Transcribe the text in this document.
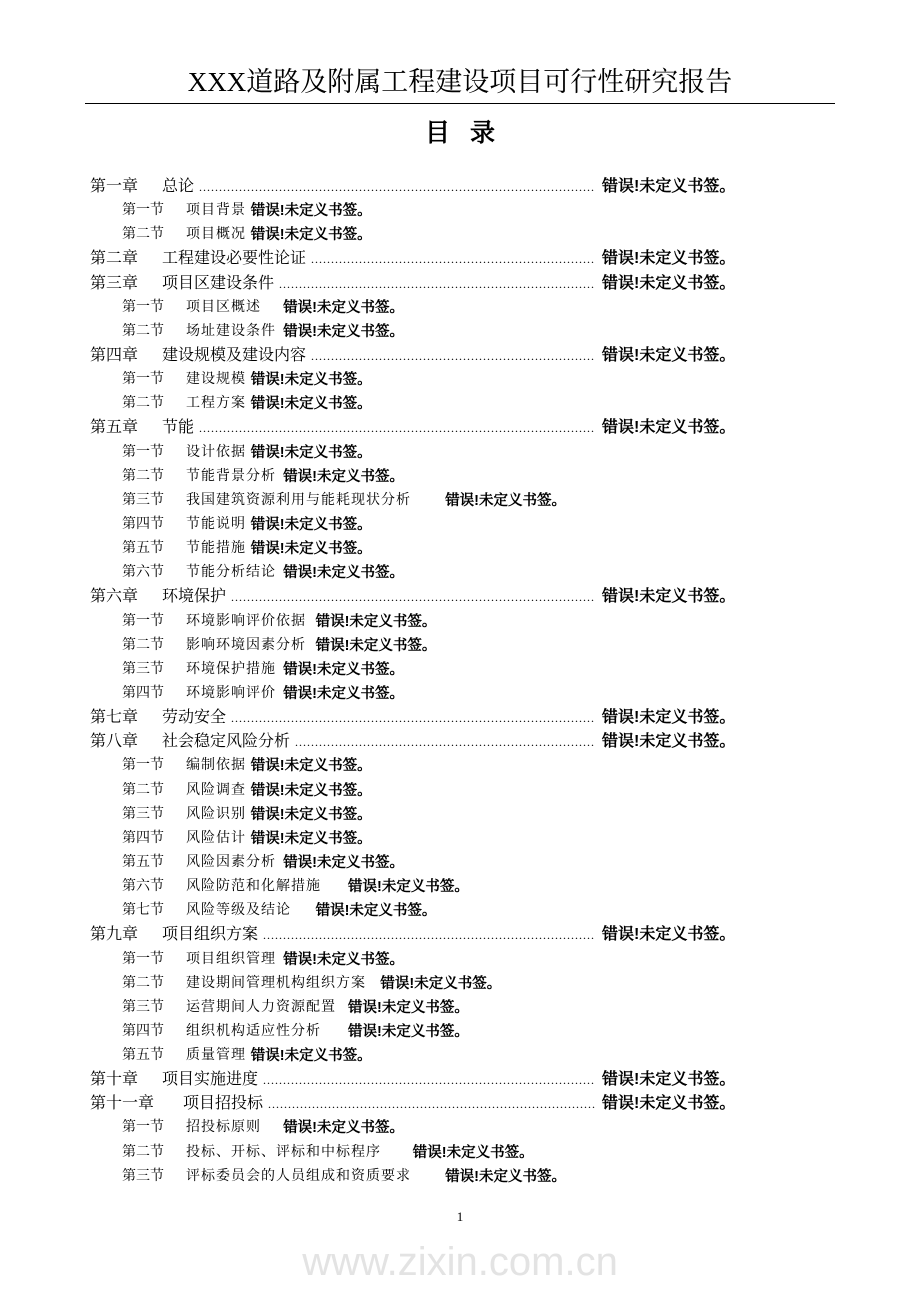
XXX道路及附属工程建设项目可行性研究报告
目录
第一章 总论 ................................................................................................... 错误!未定义书签。
第一节 项目背景 错误!未定义书签。
第二节 项目概况 错误!未定义书签。
第二章 工程建设必要性论证 ....................................................................... 错误!未定义书签。
第三章 项目区建设条件 ............................................................................... 错误!未定义书签。
第一节 项目区概述 错误!未定义书签。
第二节 场址建设条件 错误!未定义书签。
第四章 建设规模及建设内容 ....................................................................... 错误!未定义书签。
第一节 建设规模 错误!未定义书签。
第二节 工程方案 错误!未定义书签。
第五章 节能 ................................................................................................... 错误!未定义书签。
第一节 设计依据 错误!未定义书签。
第二节 节能背景分析 错误!未定义书签。
第三节 我国建筑资源利用与能耗现状分析 错误!未定义书签。
第四节 节能说明 错误!未定义书签。
第五节 节能措施 错误!未定义书签。
第六节 节能分析结论 错误!未定义书签。
第六章 环境保护 ........................................................................................... 错误!未定义书签。
第一节 环境影响评价依据 错误!未定义书签。
第二节 影响环境因素分析 错误!未定义书签。
第三节 环境保护措施 错误!未定义书签。
第四节 环境影响评价 错误!未定义书签。
第七章 劳动安全 ........................................................................................... 错误!未定义书签。
第八章 社会稳定风险分析 ........................................................................... 错误!未定义书签。
第一节 编制依据 错误!未定义书签。
第二节 风险调查 错误!未定义书签。
第三节 风险识别 错误!未定义书签。
第四节 风险估计 错误!未定义书签。
第五节 风险因素分析 错误!未定义书签。
第六节 风险防范和化解措施 错误!未定义书签。
第七节 风险等级及结论 错误!未定义书签。
第九章 项目组织方案 ................................................................................... 错误!未定义书签。
第一节 项目组织管理 错误!未定义书签。
第二节 建设期间管理机构组织方案 错误!未定义书签。
第三节 运营期间人力资源配置 错误!未定义书签。
第四节 组织机构适应性分析 错误!未定义书签。
第五节 质量管理 错误!未定义书签。
第十章 项目实施进度 ................................................................................... 错误!未定义书签。
第十一章 项目招投标 .................................................................................. 错误!未定义书签。
第一节 招投标原则 错误!未定义书签。
第二节 投标、开标、评标和中标程序 错误!未定义书签。
第三节 评标委员会的人员组成和资质要求 错误!未定义书签。
1
www.zixin.com.cn
